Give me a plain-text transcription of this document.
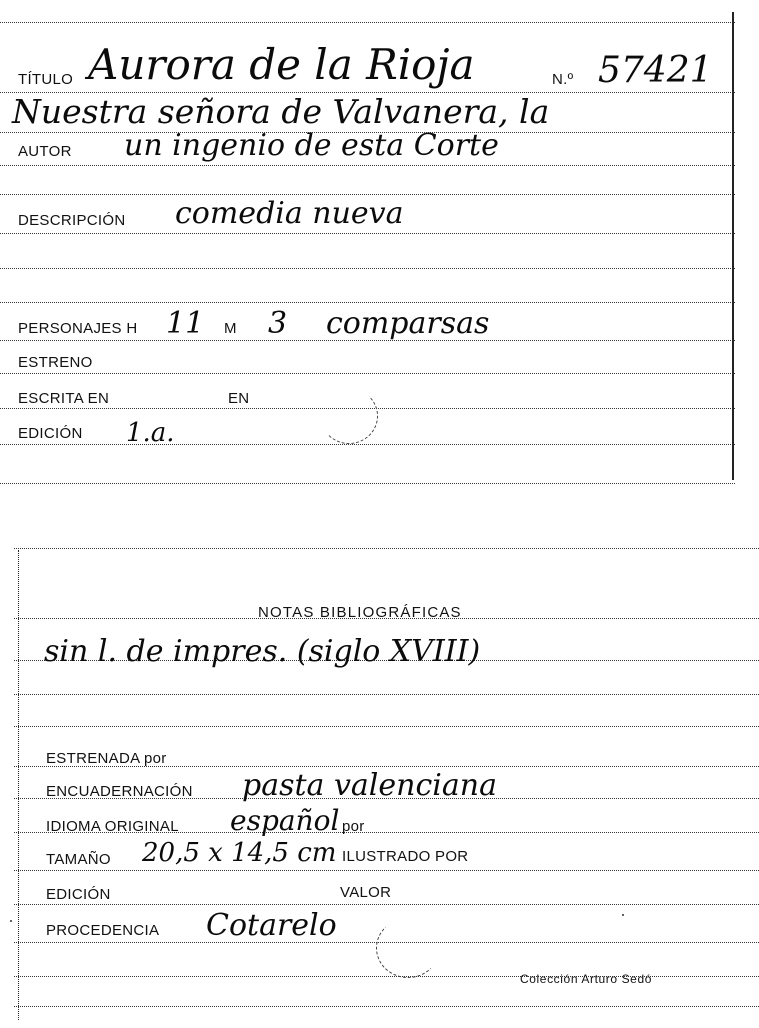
TÍTULO Aurora de la Rioja	N.º 57421
Nuestra señora de Valvanera, la
AUTOR un ingenio de esta Corte
DESCRIPCIÓN comedia nueva
PERSONAJES H 11 M 3 comparsas
ESTRENO
ESCRITA EN	EN
EDICIÓN 1.a.
NOTAS BIBLIOGRÁFICAS
sin l. de impres. (siglo XVIII)
ESTRENADA por
ENCUADERNACIÓN pasta valenciana
IDIOMA ORIGINAL español por
TAMAÑO 20,5 x 14,5 cm ILUSTRADO POR
EDICIÓN	VALOR
PROCEDENCIA Cotarelo
Colección Arturo Sedó
